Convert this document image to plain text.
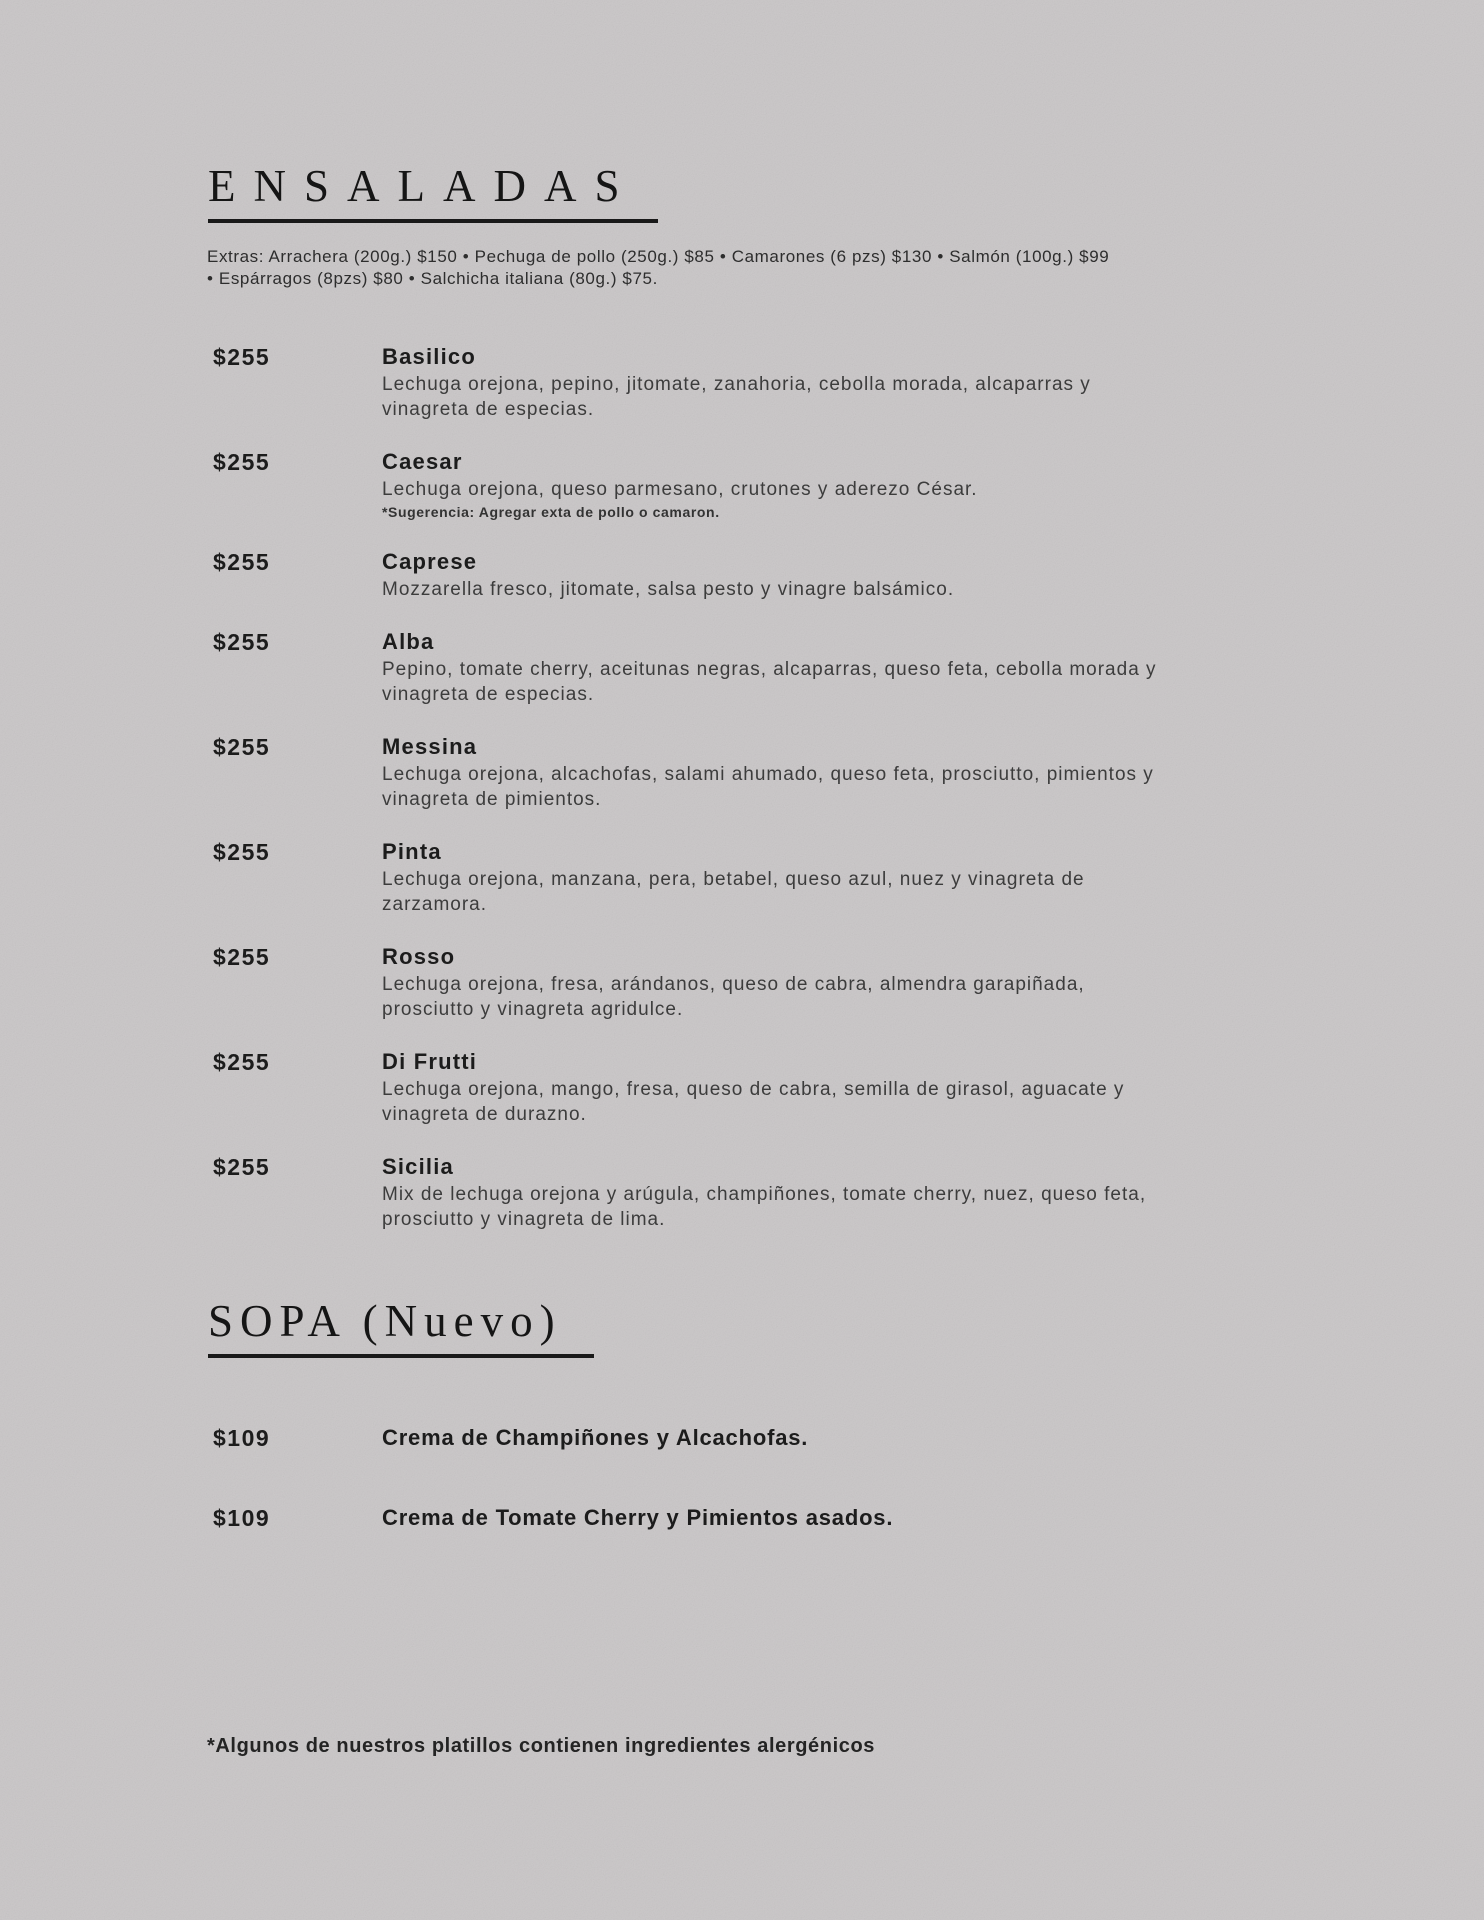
ENSALADAS
Extras: Arrachera (200g.) $150 • Pechuga de pollo (250g.) $85 • Camarones (6 pzs) $130 • Salmón (100g.) $99
• Espárragos (8pzs) $80 • Salchicha italiana (80g.) $75.
$255	Basilico
Lechuga orejona, pepino, jitomate, zanahoria, cebolla morada, alcaparras y vinagreta de especias.
$255	Caesar
Lechuga orejona, queso parmesano, crutones y aderezo César.
*Sugerencia: Agregar exta de pollo o camaron.
$255	Caprese
Mozzarella fresco, jitomate, salsa pesto y vinagre balsámico.
$255	Alba
Pepino, tomate cherry, aceitunas negras, alcaparras, queso feta, cebolla morada y vinagreta de especias.
$255	Messina
Lechuga orejona, alcachofas, salami ahumado, queso feta, prosciutto, pimientos y vinagreta de pimientos.
$255	Pinta
Lechuga orejona, manzana, pera, betabel, queso azul, nuez y vinagreta de zarzamora.
$255	Rosso
Lechuga orejona, fresa, arándanos, queso de cabra, almendra garapiñada, prosciutto y vinagreta agridulce.
$255	Di Frutti
Lechuga orejona, mango, fresa, queso de cabra, semilla de girasol, aguacate y vinagreta de durazno.
$255	Sicilia
Mix de lechuga orejona y arúgula, champiñones, tomate cherry, nuez, queso feta, prosciutto y vinagreta de lima.
SOPA (Nuevo)
$109	Crema de Champiñones y Alcachofas.
$109	Crema de Tomate Cherry y Pimientos asados.
*Algunos de nuestros platillos contienen ingredientes alergénicos
